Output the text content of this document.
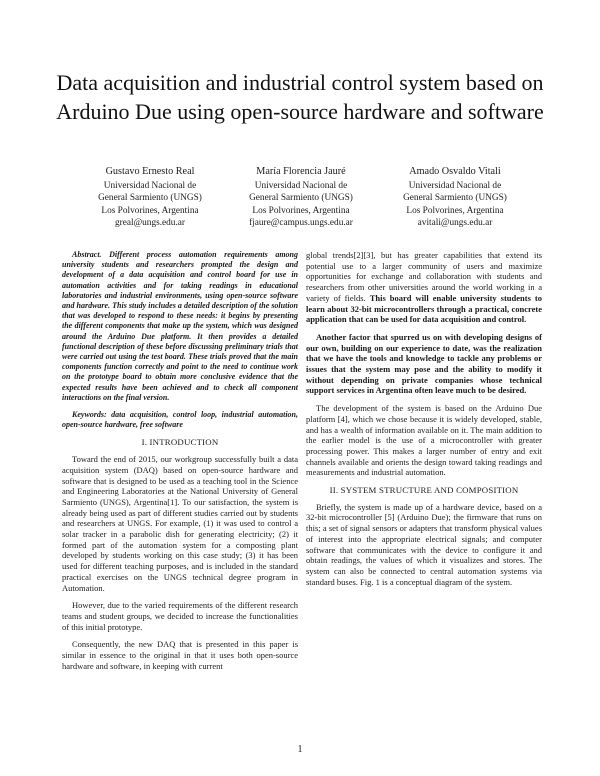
Data acquisition and industrial control system based on Arduino Due using open-source hardware and software
Gustavo Ernesto Real
Universidad Nacional de
General Sarmiento (UNGS)
Los Polvorines, Argentina
greal@ungs.edu.ar
María Florencia Jauré
Universidad Nacional de
General Sarmiento (UNGS)
Los Polvorines, Argentina
fjaure@campus.ungs.edu.ar
Amado Osvaldo Vitali
Universidad Nacional de
General Sarmiento (UNGS)
Los Polvorines, Argentina
avitali@ungs.edu.ar

Abstract. Different process automation requirements among university students and researchers prompted the design and development of a data acquisition and control board for use in automation activities and for taking readings in educational laboratories and industrial environments, using open-source software and hardware. This study includes a detailed description of the solution that was developed to respond to these needs: it begins by presenting the different components that make up the system, which was designed around the Arduino Due platform. It then provides a detailed functional description of these before discussing preliminary trials that were carried out using the test board. These trials proved that the main components function correctly and point to the need to continue work on the prototype board to obtain more conclusive evidence that the expected results have been achieved and to check all component interactions on the final version.

Keywords: data acquisition, control loop, industrial automation, open-source hardware, free software

I. INTRODUCTION

Toward the end of 2015, our workgroup successfully built a data acquisition system (DAQ) based on open-source hardware and software that is designed to be used as a teaching tool in the Science and Engineering Laboratories at the National University of General Sarmiento (UNGS), Argentina[1]. To our satisfaction, the system is already being used as part of different studies carried out by students and researchers at UNGS. For example, (1) it was used to control a solar tracker in a parabolic dish for generating electricity; (2) it formed part of the automation system for a composting plant developed by students working on this case study; (3) it has been used for different teaching purposes, and is included in the standard practical exercises on the UNGS technical degree program in Automation.

However, due to the varied requirements of the different research teams and student groups, we decided to increase the functionalities of this initial prototype.

Consequently, the new DAQ that is presented in this paper is similar in essence to the original in that it uses both open-source hardware and software, in keeping with current

global trends[2][3], but has greater capabilities that extend its potential use to a larger community of users and maximize opportunities for exchange and collaboration with students and researchers from other universities around the world working in a variety of fields. This board will enable university students to learn about 32-bit microcontrollers through a practical, concrete application that can be used for data acquisition and control.

Another factor that spurred us on with developing designs of our own, building on our experience to date, was the realization that we have the tools and knowledge to tackle any problems or issues that the system may pose and the ability to modify it without depending on private companies whose technical support services in Argentina often leave much to be desired.

The development of the system is based on the Arduino Due platform [4], which we chose because it is widely developed, stable, and has a wealth of information available on it. The main addition to the earlier model is the use of a microcontroller with greater processing power. This makes a larger number of entry and exit channels available and orients the design toward taking readings and measurements and industrial automation.

II. SYSTEM STRUCTURE AND COMPOSITION

Briefly, the system is made up of a hardware device, based on a 32-bit microcontroller [5] (Arduino Due); the firmware that runs on this; a set of signal sensors or adapters that transform physical values of interest into the appropriate electrical signals; and computer software that communicates with the device to configure it and obtain readings, the values of which it visualizes and stores. The system can also be connected to central automation systems via standard buses. Fig. 1 is a conceptual diagram of the system.

1
